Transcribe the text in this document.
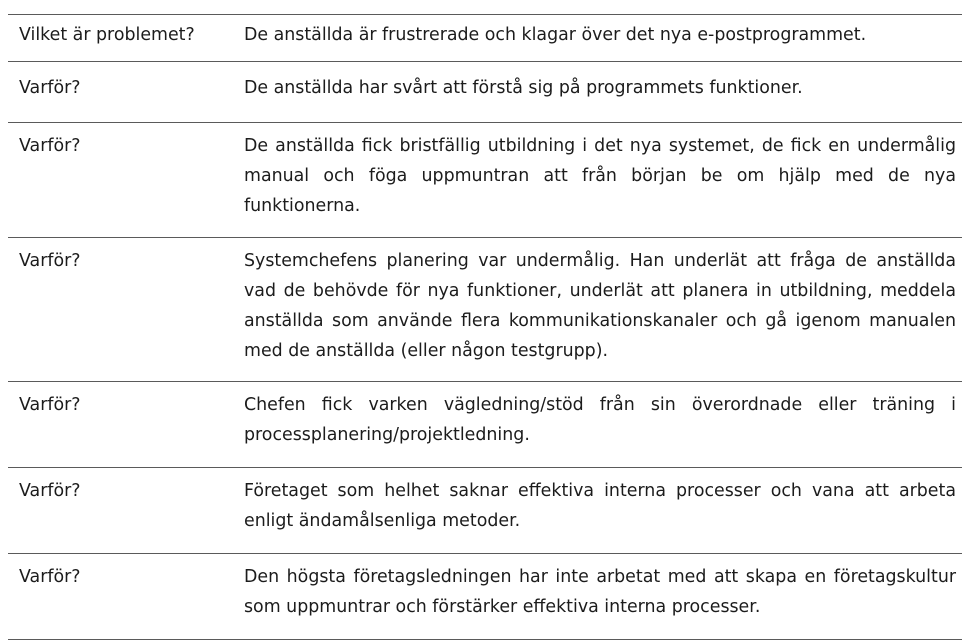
Vilket är problemet?	De anställda är frustrerade och klagar över det nya e-postprogrammet.

Varför?	De anställda har svårt att förstå sig på programmets funktioner.

Varför?	De anställda fick bristfällig utbildning i det nya systemet, de fick en undermålig manual och föga uppmuntran att från början be om hjälp med de nya funktionerna.

Varför?	Systemchefens planering var undermålig. Han underlät att fråga de anställda vad de behövde för nya funktioner, underlät att planera in utbildning, meddela anställda som använde flera kommunikationskanaler och gå igenom manualen med de anställda (eller någon testgrupp).

Varför?	Chefen fick varken vägledning/stöd från sin överordnade eller träning i processplanering/projektledning.

Varför?	Företaget som helhet saknar effektiva interna processer och vana att arbeta enligt ändamålsenliga metoder.

Varför?	Den högsta företagsledningen har inte arbetat med att skapa en företagskultur som uppmuntrar och förstärker effektiva interna processer.
